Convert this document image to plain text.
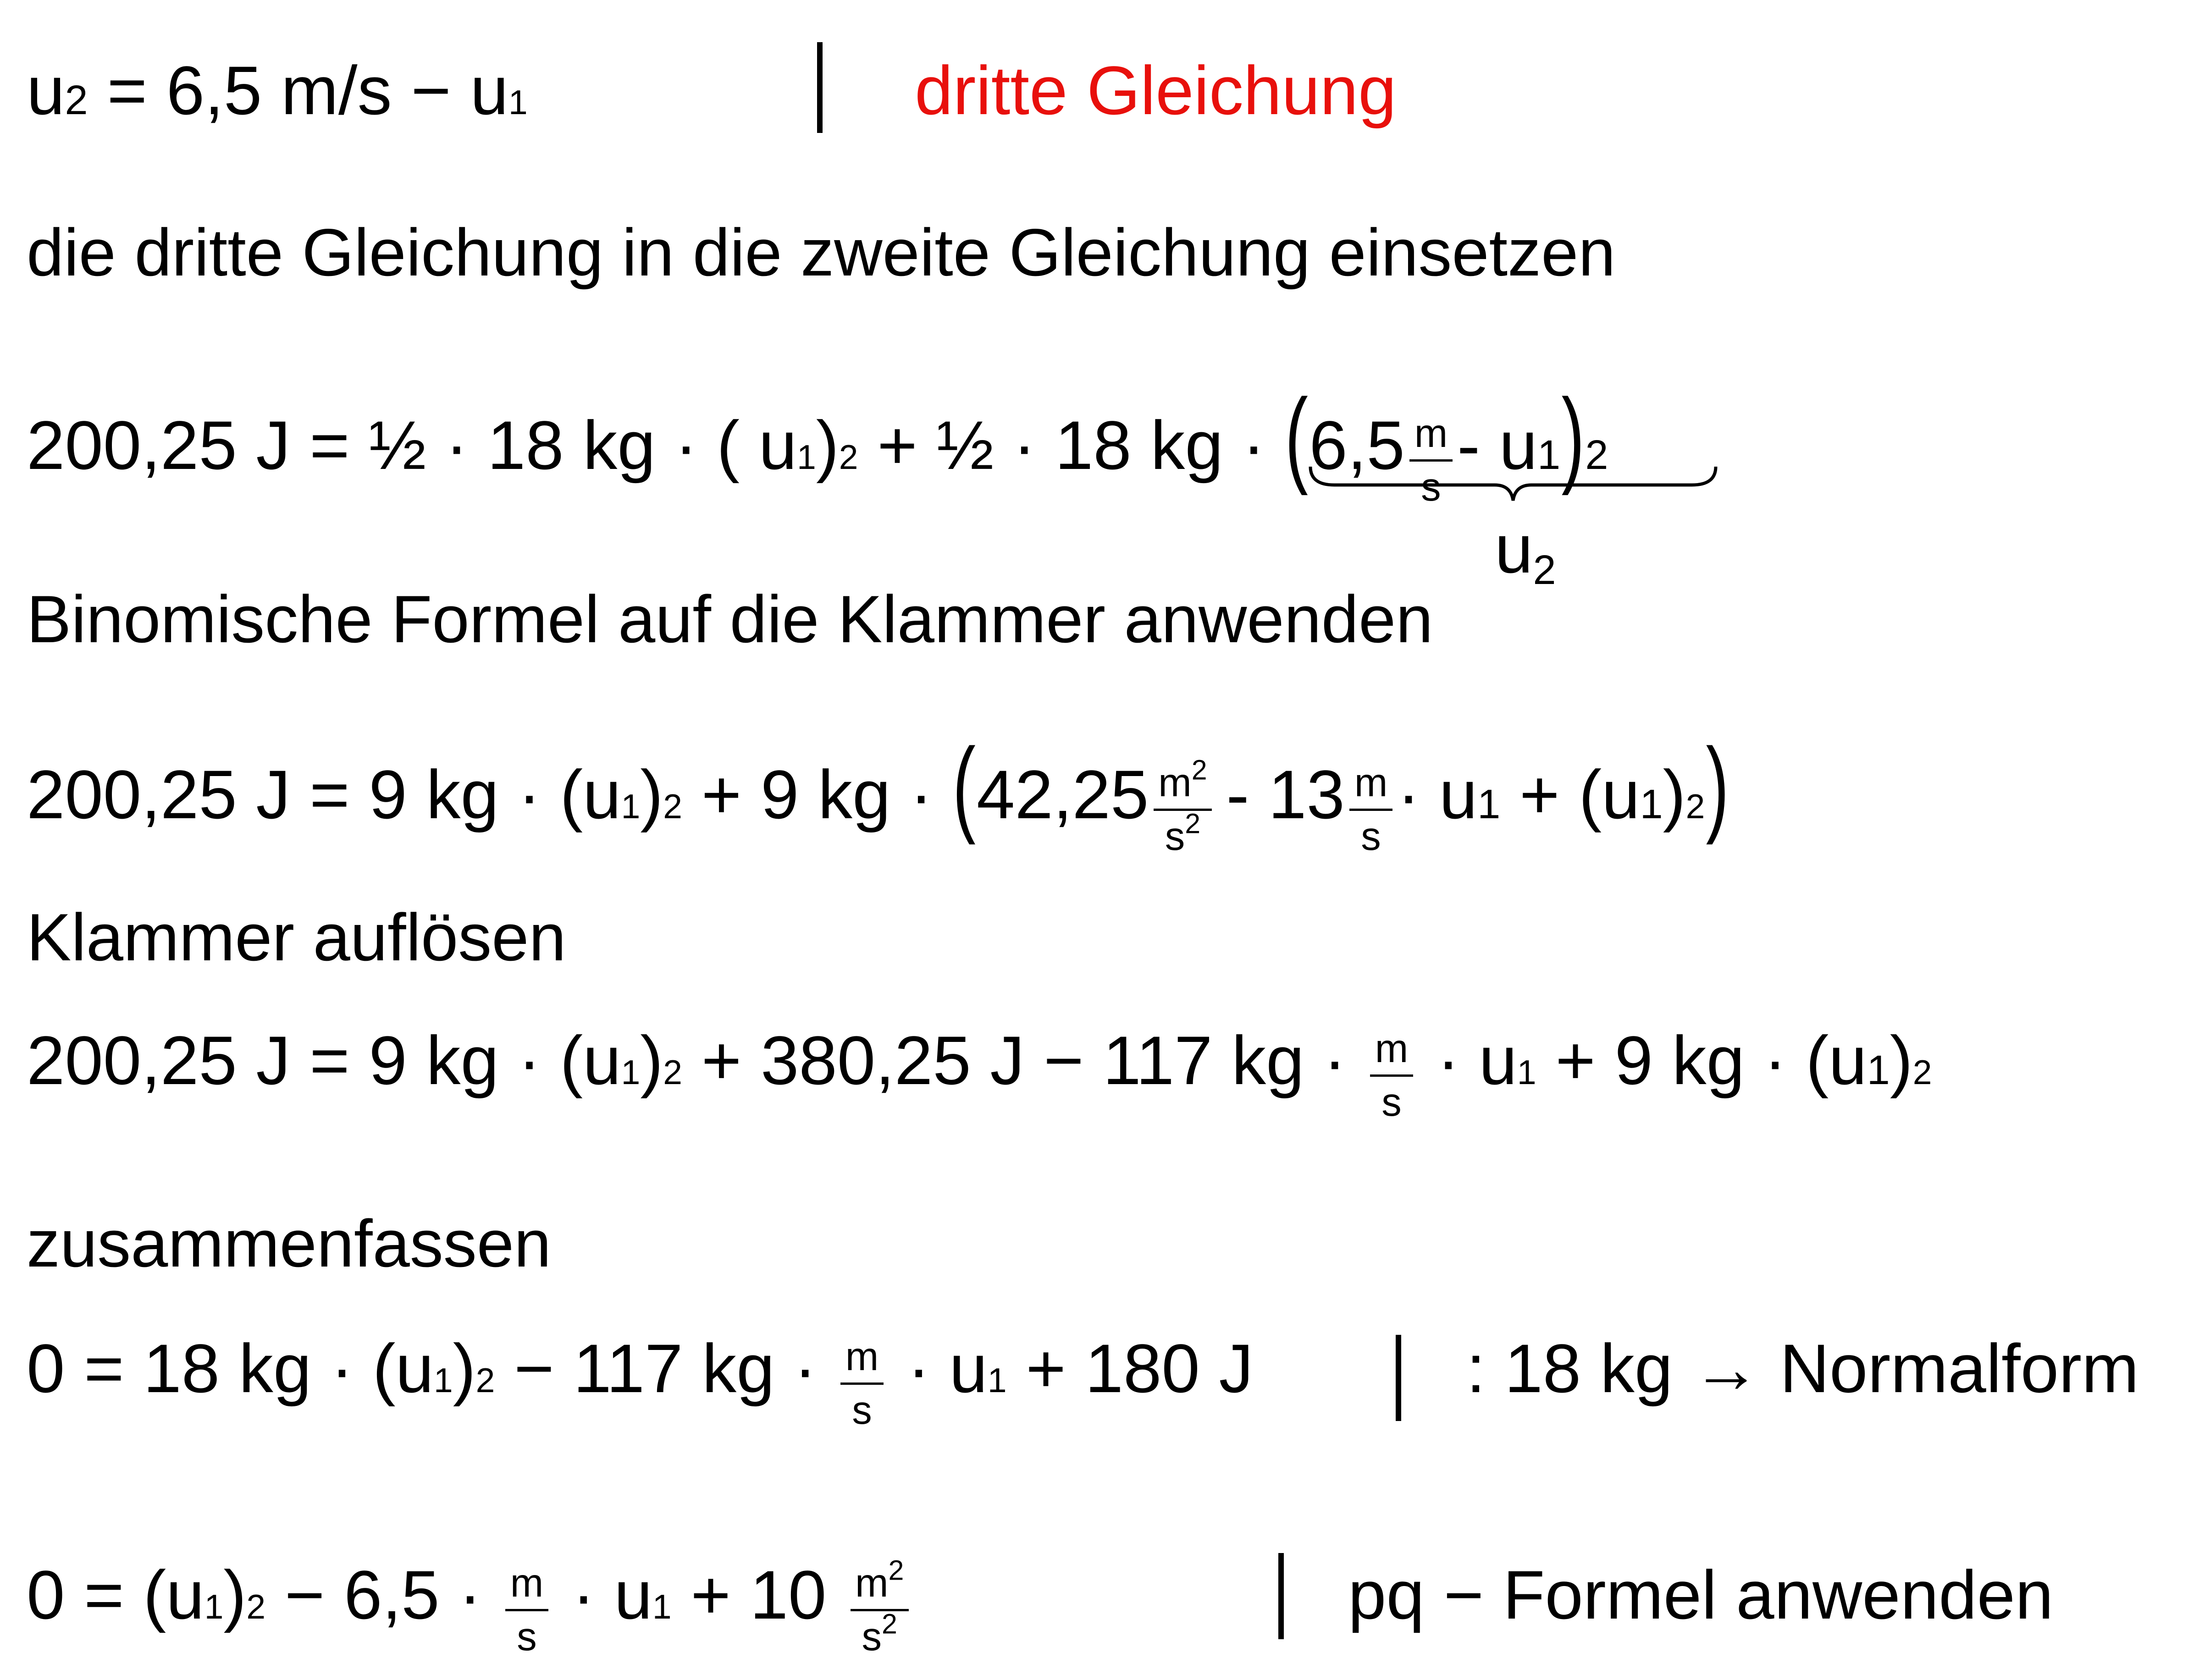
u 2 = 6,5 m/s − u 1	dritte Gleichung
die dritte Gleichung in die zweite Gleichung einsetzen
200,25 J = ½ · 18 kg · ( u 1 ) 2 + ½ · 18 kg · ( $6,5 \frac{m}{s}$ - u 1 ) 2
$u_2$
Binomische Formel auf die Klammer anwenden
200,25 J = 9 kg · (u 1 ) 2 + 9 kg · ( $42,25 \frac{m^2}{s^2} - 13 \frac{m}{s} \cdot u$ 1 + (u 1 ) 2 )
Klammer auflösen
200,25 J = 9 kg · (u 1 ) 2 + 380,25 J − 117 kg · $\frac{m}{s} \cdot u$ 1 + 9 kg · (u 1 ) 2
zusammenfassen
0 = 18 kg · (u 1 ) 2 − 117 kg · $\frac{m}{s} \cdot u$ 1 + 180 J	: 18 kg → Normalform
0 = (u 1 ) $2 - 6,5 \cdot \frac{m}{s} \cdot u$ $1 + 10 \frac{m^2}{s^2}$	pq − Formel anwenden
